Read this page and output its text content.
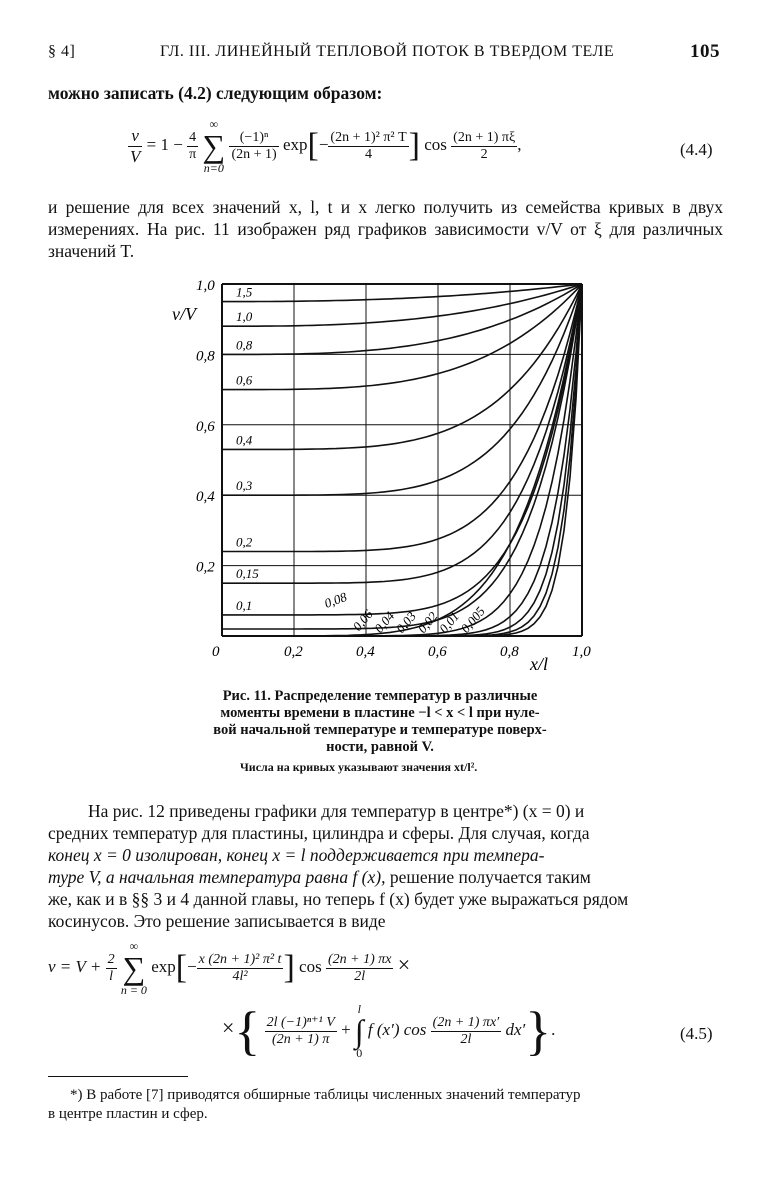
§ 4]	ГЛ. III. ЛИНЕЙНЫЙ ТЕПЛОВОЙ ПОТОК В ТВЕРДОМ ТЕЛЕ	105
можно записать (4.2) следующим образом:
$\frac{v}{V} = 1 - \frac{4}{\pi}$

∞
∑
n=0

$\frac{\text{(−1)ⁿ}}{(2n + 1)} \exp[- \frac{\text{(2n + 1)² π² T}}{4}$ ] $\cos \frac{(2n + 1) \pi\xi}{2}$ ,	(4.4)
и решение для всех значений x, l, t и x легко получить из семейства кривых в двух измерениях. На рис. 11 изображен ряд графиков зависимости v/V от ξ для различных значений T.
1,5
1,0
0,8
0,6
0,4
0,3
0,2
0,15
0,1	0,08
0,06
0,04
0,03
0,02
0,01
0,005
0	0,2	0,4	0,6	0,8	1,0
0,2
0,4
0,6
0,8
1,0
v/V
x/l
Рис. 11. Распределение температур в различные
моменты времени в пластине −l < x < l при нуле-
вой начальной температуре и температуре поверх-
ности, равной V.
Числа на кривых указывают значения xt/l².
На рис. 12 приведены графики для температур в центре*) (x = 0) и
средних температур для пластины, цилиндра и сферы. Для случая, когда
конец x = 0 изолирован, конец x = l поддерживается при темпера-
туре V, а начальная температура равна f (x), решение получается таким
же, как и в §§ 3 и 4 данной главы, но теперь f (x) будет уже выражаться рядом
косинусов. Это решение записывается в виде
$v = V + \frac{2}{l}$

∞
∑
n = 0
$\exp[- \frac{\text{x (2n + 1)² π² t}}{\text{4l²}}$ ] $\cos \frac{(2n + 1) \pi x}{2l}$ ×
×{ $\frac{\text{2l (−1)ⁿ⁺¹ V}}{(2n + 1) \pi}$ +
l
∫
0
f (x′) $\cos \frac{(2n + 1) \pi x'}{2l} dx'$}.	(4.5)
*) В работе [7] приводятся обширные таблицы численных значений температур
в центре пластин и сфер.
